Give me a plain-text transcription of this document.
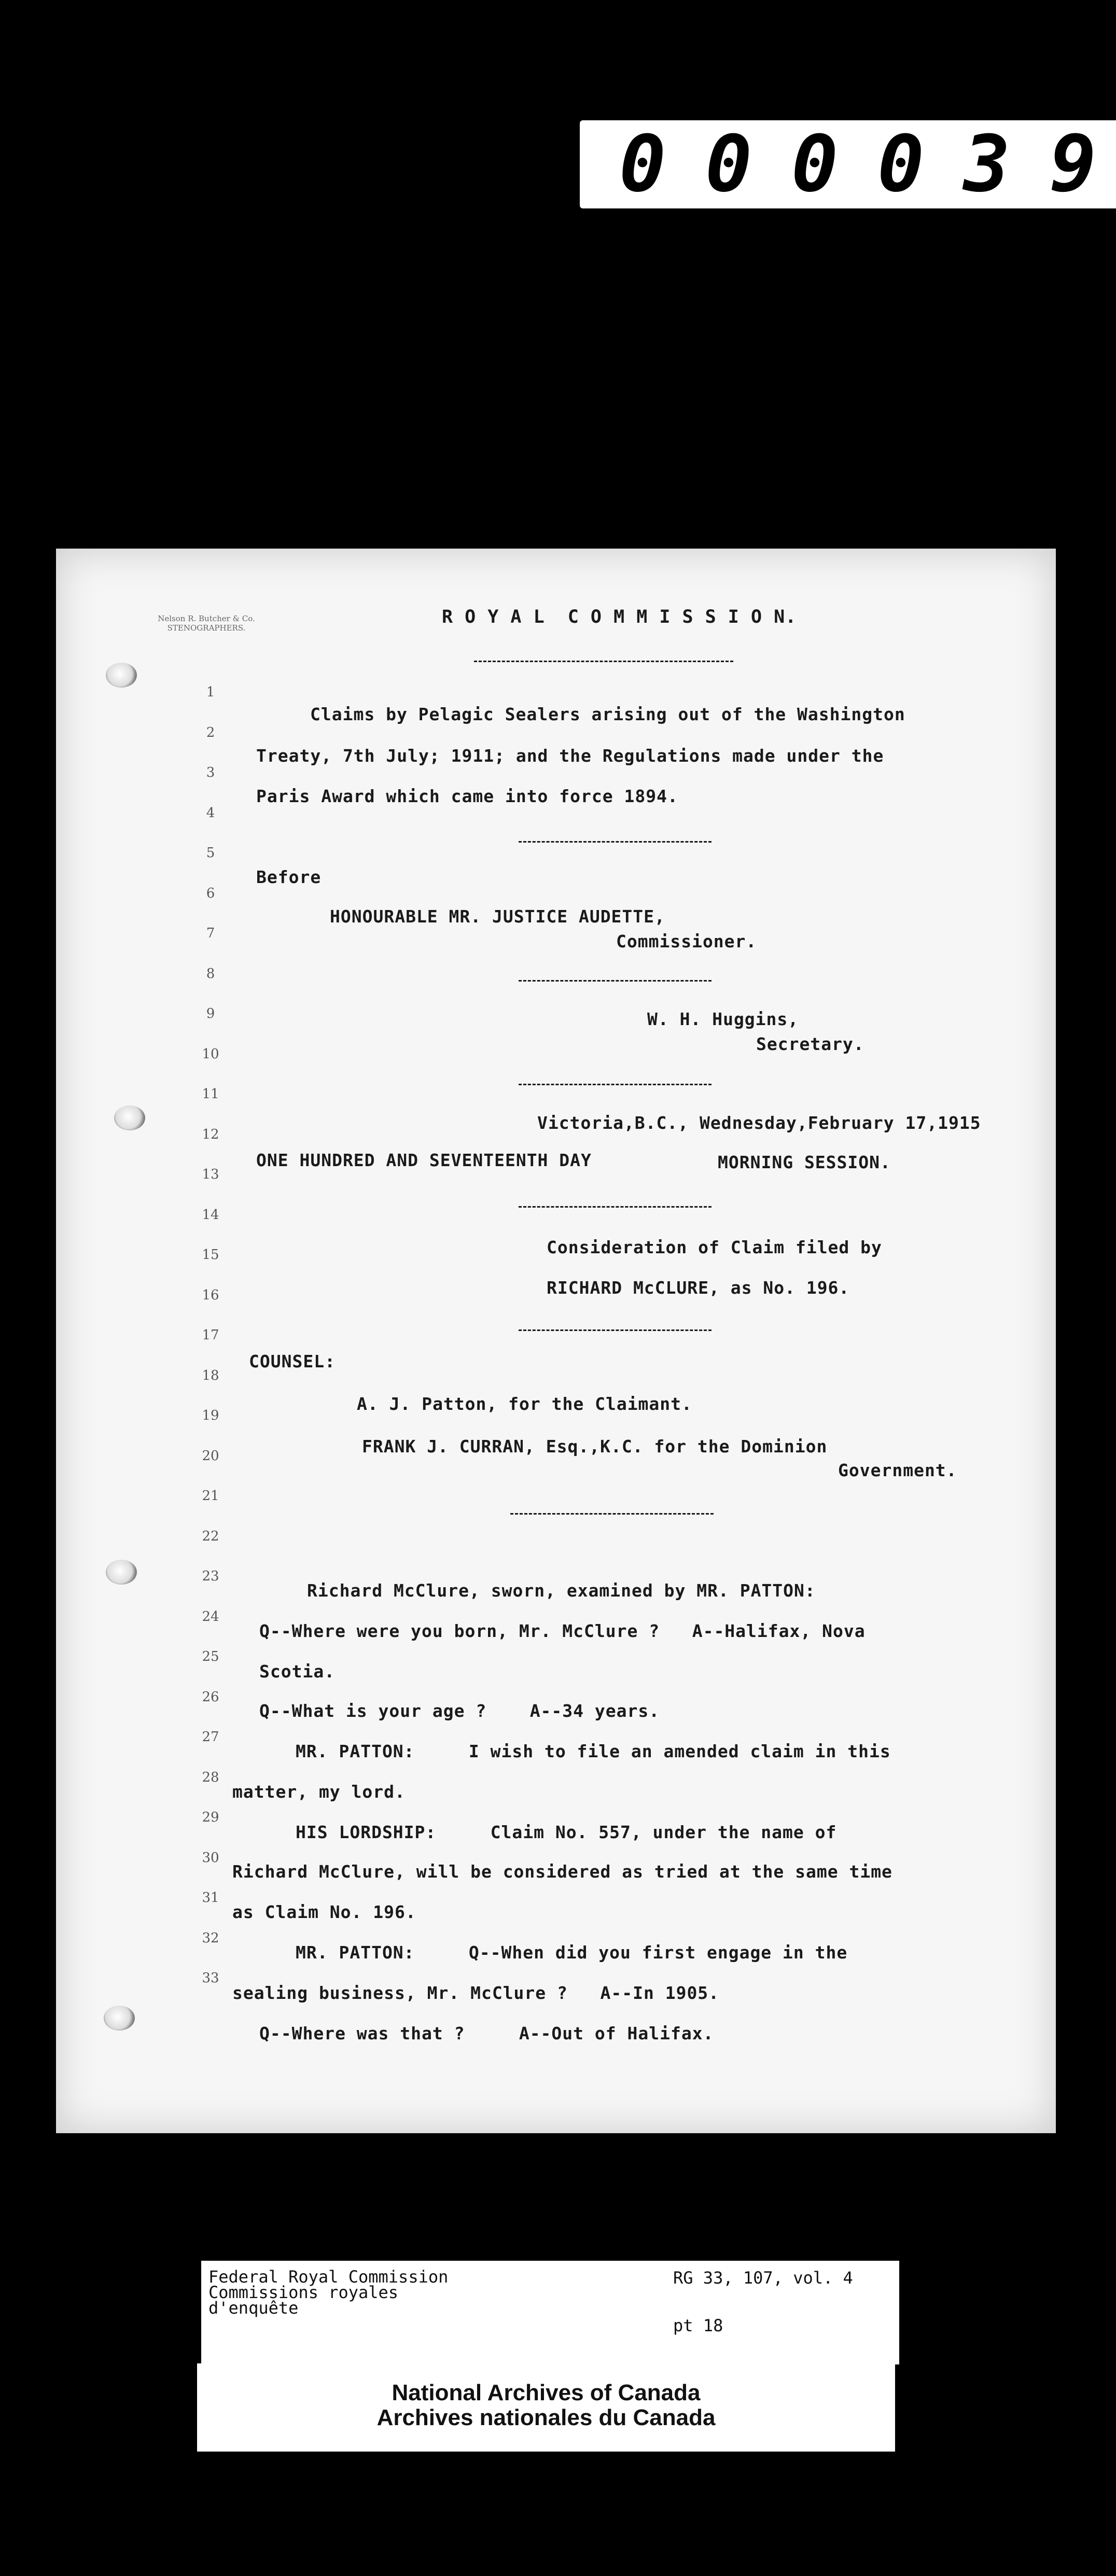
0 0 0 0 3 9
Nelson R. Butcher & Co.
STENOGRAPHERS.
R O Y A L  C O M M I S S I O N.
1
2
3
4
5
6
7
8
9
10
11
12
13
14
15
16
17
18
19
20
21
22
23
24
25
26
27
28
29
30
31
32
33
Claims by Pelagic Sealers arising out of the Washington
Treaty, 7th July; 1911; and the Regulations made under the
Paris Award which came into force 1894.
Before
HONOURABLE MR. JUSTICE AUDETTE,
Commissioner.
W. H. Huggins,
Secretary.
Victoria,B.C., Wednesday,February 17,1915
ONE HUNDRED AND SEVENTEENTH DAY	MORNING SESSION.
Consideration of Claim filed by
RICHARD McCLURE, as No. 196.
COUNSEL:
A. J. Patton, for the Claimant.
FRANK J. CURRAN, Esq.,K.C. for the Dominion
Government.
Richard McClure, sworn, examined by MR. PATTON:
Q--Where were you born, Mr. McClure ?   A--Halifax, Nova
Scotia.
Q--What is your age ?    A--34 years.
MR. PATTON:     I wish to file an amended claim in this
matter, my lord.
HIS LORDSHIP:     Claim No. 557, under the name of
Richard McClure, will be considered as tried at the same time
as Claim No. 196.
MR. PATTON:     Q--When did you first engage in the
sealing business, Mr. McClure ?   A--In 1905.
Q--Where was that ?     A--Out of Halifax.
Federal Royal Commission
Commissions royales
d'enquête
RG 33, 107, vol. 4
pt 18
National Archives of Canada
Archives nationales du Canada
